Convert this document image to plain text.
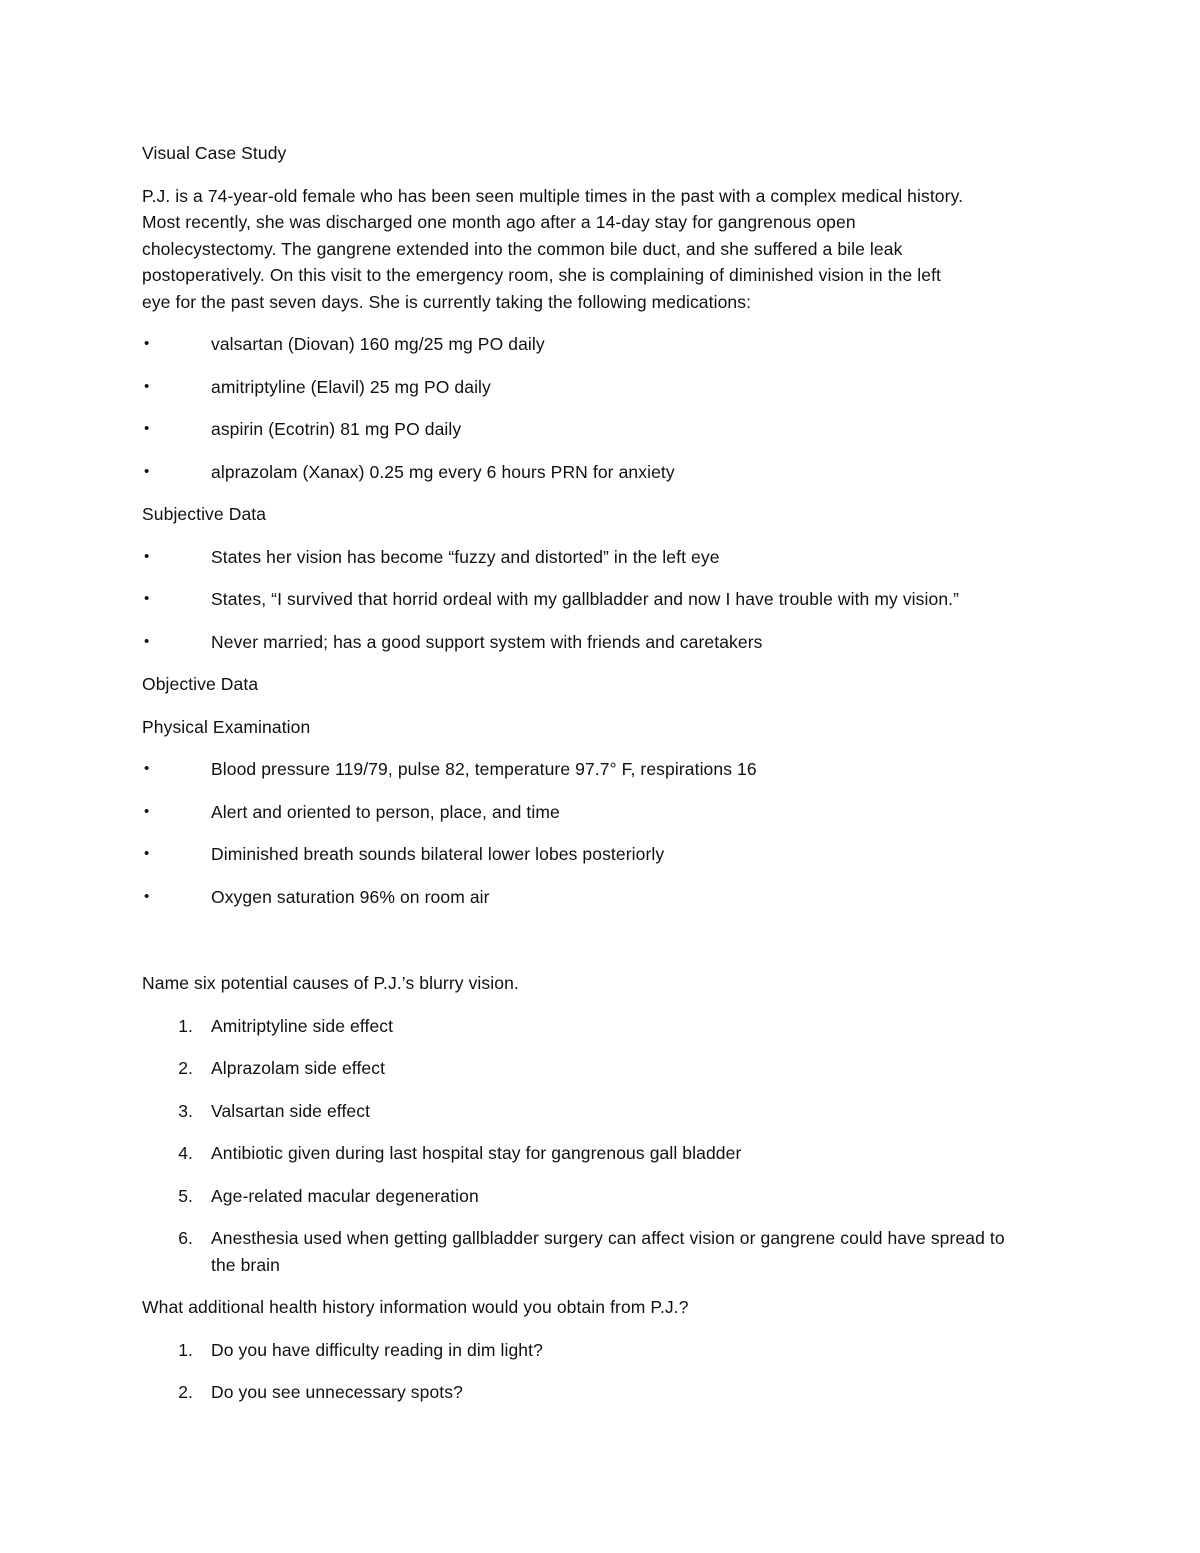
Visual Case Study

P.J. is a 74-year-old female who has been seen multiple times in the past with a complex medical history.

Most recently, she was discharged one month ago after a 14-day stay for gangrenous open

cholecystectomy. The gangrene extended into the common bile duct, and she suffered a bile leak

postoperatively. On this visit to the emergency room, she is complaining of diminished vision in the left

eye for the past seven days. She is currently taking the following medications:

•	valsartan (Diovan) 160 mg/25 mg PO daily
•	amitriptyline (Elavil) 25 mg PO daily
•	aspirin (Ecotrin) 81 mg PO daily
•	alprazolam (Xanax) 0.25 mg every 6 hours PRN for anxiety

Subjective Data

•	States her vision has become “fuzzy and distorted” in the left eye
•	States, “I survived that horrid ordeal with my gallbladder and now I have trouble with my vision.”
•	Never married; has a good support system with friends and caretakers

Objective Data

Physical Examination

•	Blood pressure 119/79, pulse 82, temperature 97.7° F, respirations 16
•	Alert and oriented to person, place, and time
•	Diminished breath sounds bilateral lower lobes posteriorly
•	Oxygen saturation 96% on room air

Name six potential causes of P.J.’s blurry vision.

1.	Amitriptyline side effect
2.	Alprazolam side effect
3.	Valsartan side effect
4.	Antibiotic given during last hospital stay for gangrenous gall bladder
5.	Age-related macular degeneration
6.	Anesthesia used when getting gallbladder surgery can affect vision or gangrene could have spread to the brain

What additional health history information would you obtain from P.J.?

1.	Do you have difficulty reading in dim light?
2.	Do you see unnecessary spots?
